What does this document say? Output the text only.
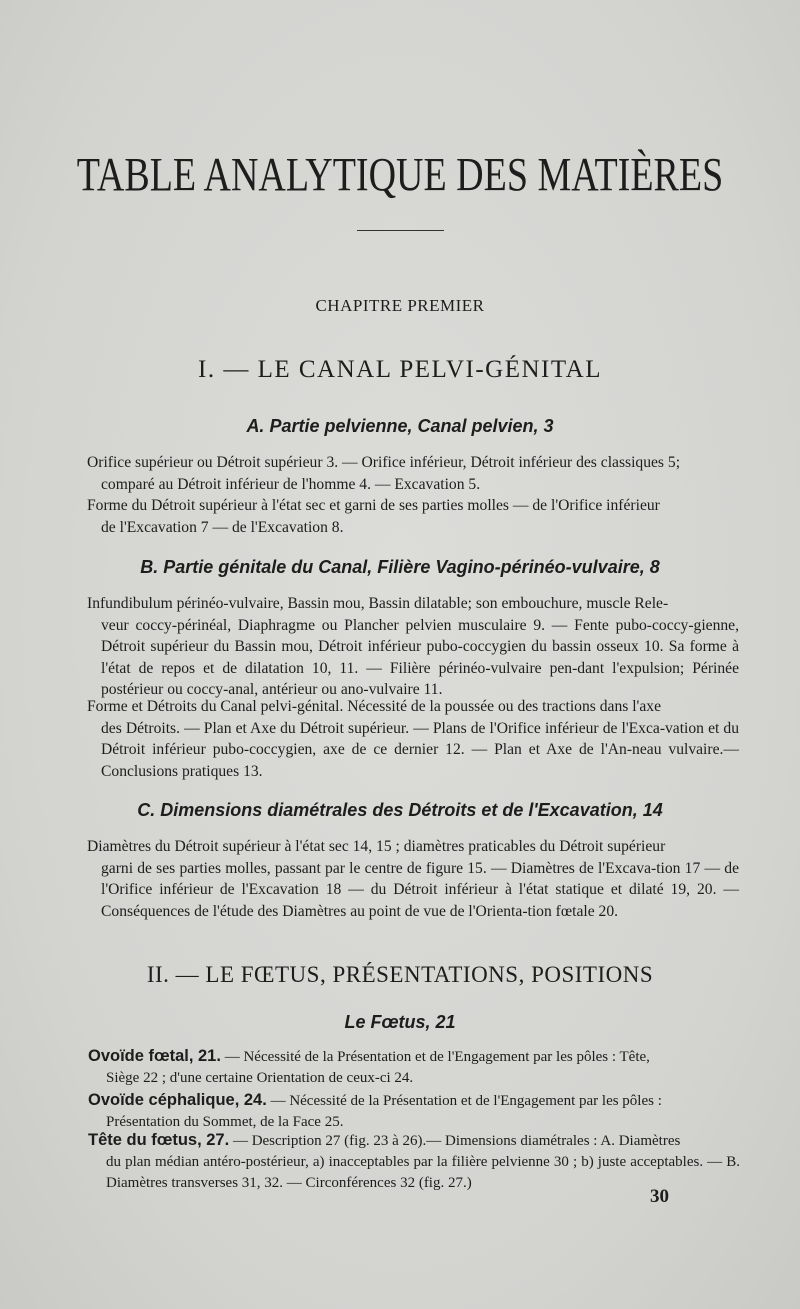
TABLE ANALYTIQUE DES MATIÈRES
CHAPITRE PREMIER
I. — LE CANAL PELVI-GÉNITAL
A. Partie pelvienne, Canal pelvien, 3
Orifice supérieur ou Détroit supérieur 3. — Orifice inférieur, Détroit inférieur des classiques 5;
comparé au Détroit inférieur de l'homme 4. — Excavation 5.
Forme du Détroit supérieur à l'état sec et garni de ses parties molles — de l'Orifice inférieur
de l'Excavation 7 — de l'Excavation 8.
B. Partie génitale du Canal, Filière Vagino-périnéo-vulvaire, 8
Infundibulum périnéo-vulvaire, Bassin mou, Bassin dilatable; son embouchure, muscle Rele-
veur coccy-périnéal, Diaphragme ou Plancher pelvien musculaire 9. — Fente pubo-coccy-gienne, Détroit supérieur du Bassin mou, Détroit inférieur pubo-coccygien du bassin osseux 10. Sa forme à l'état de repos et de dilatation 10, 11. — Filière périnéo-vulvaire pen-dant l'expulsion; Périnée postérieur ou coccy-anal, antérieur ou ano-vulvaire 11.
Forme et Détroits du Canal pelvi-génital. Nécessité de la poussée ou des tractions dans l'axe
des Détroits. — Plan et Axe du Détroit supérieur. — Plans de l'Orifice inférieur de l'Exca-vation et du Détroit inférieur pubo-coccygien, axe de ce dernier 12. — Plan et Axe de l'An-neau vulvaire.— Conclusions pratiques 13.
C. Dimensions diamétrales des Détroits et de l'Excavation, 14
Diamètres du Détroit supérieur à l'état sec 14, 15 ; diamètres praticables du Détroit supérieur
garni de ses parties molles, passant par le centre de figure 15. — Diamètres de l'Excava-tion 17 — de l'Orifice inférieur de l'Excavation 18 — du Détroit inférieur à l'état statique et dilaté 19, 20. — Conséquences de l'étude des Diamètres au point de vue de l'Orienta-tion fœtale 20.
II. — LE FŒTUS, PRÉSENTATIONS, POSITIONS
Le Fœtus, 21
Ovoïde fœtal, 21. — Nécessité de la Présentation et de l'Engagement par les pôles : Tête,
Siège 22 ; d'une certaine Orientation de ceux-ci 24.
Ovoïde céphalique, 24. — Nécessité de la Présentation et de l'Engagement par les pôles :
Présentation du Sommet, de la Face 25.
Tête du fœtus, 27. — Description 27 (fig. 23 à 26).— Dimensions diamétrales : A. Diamètres
du plan médian antéro-postérieur, a) inacceptables par la filière pelvienne 30 ; b) juste acceptables. — B. Diamètres transverses 31, 32. — Circonférences 32 (fig. 27.)
30
